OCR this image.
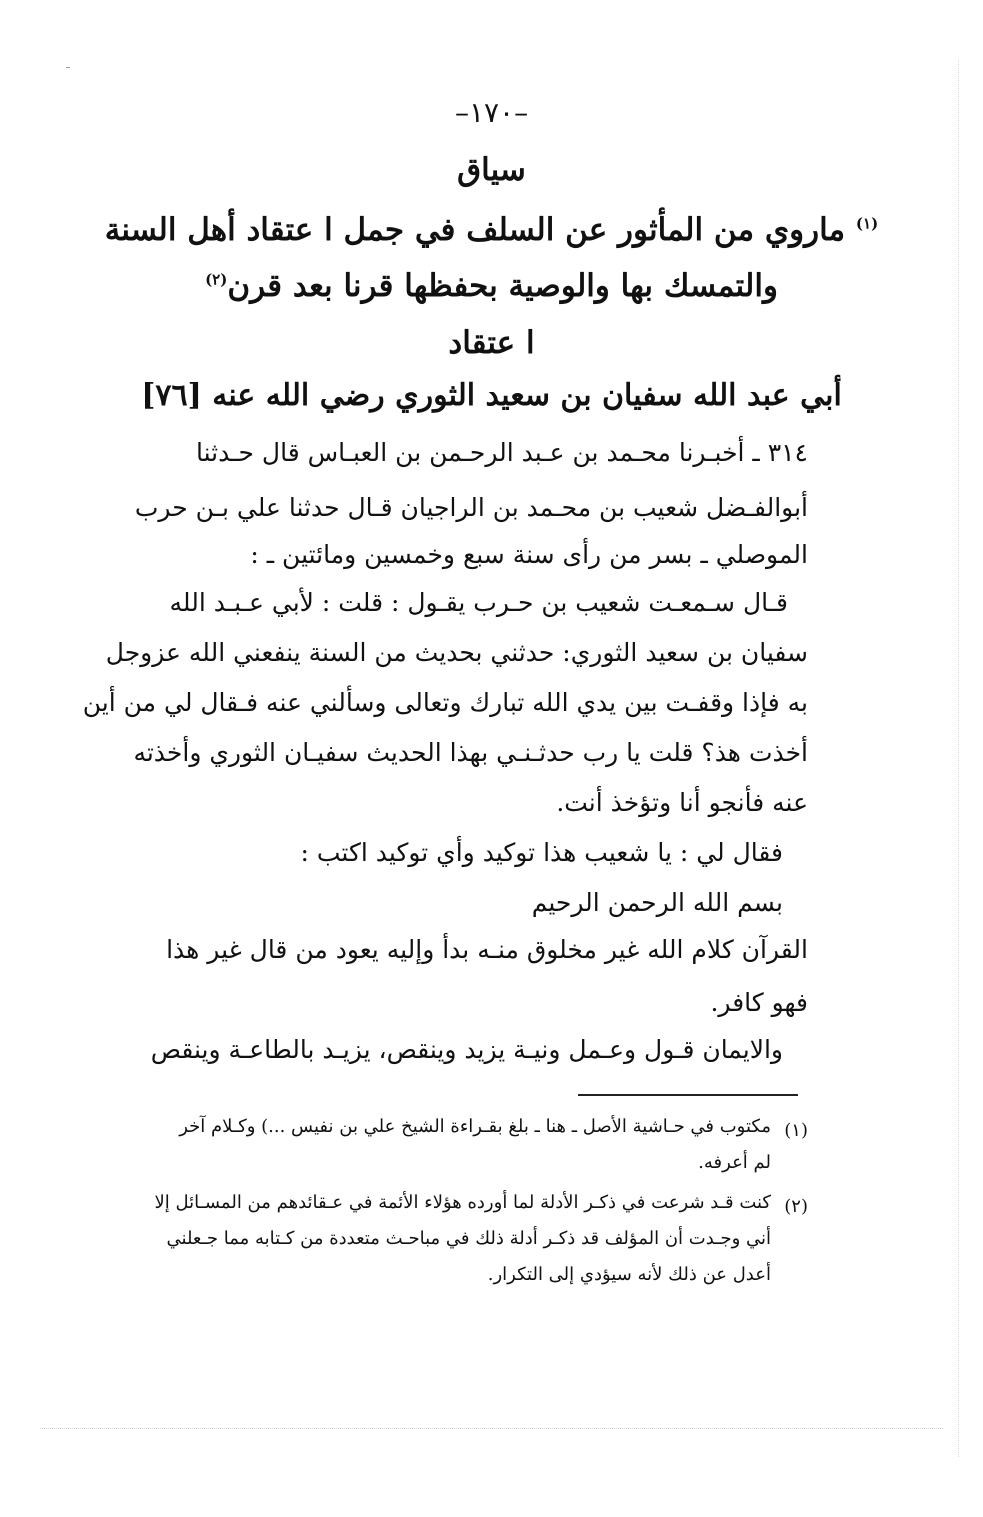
–١٧٠–
سياق
$^{(١)}$ ماروي من المأثور عن السلف في جمل ا عتقاد أهل السنة
والتمسك بها والوصية بحفظها قرنا بعد قرن$^{(٢)}$
ا عتقاد
أبي عبد الله سفيان بن سعيد الثوري رضي الله عنه [٧٦]
٣١٤ ـ أخبـرنا محـمد بن عـبد الرحـمن بن العبـاس قال حـدثنا
أبوالفـضل شعيب بن محـمد بن الراجيان قـال حدثنا علي بـن حرب
الموصلي ـ بسر من رأى سنة سبع وخمسين ومائتين ـ :
قـال سـمعـت شعيب بن حـرب يقـول : قلت : لأبي عـبـد الله
سفيان بن سعيد الثوري: حدثني بحديث من السنة ينفعني الله عزوجل
به فإذا وقفـت بين يدي الله تبارك وتعالى وسألني عنه فـقال لي من أين
أخذت هذ؟ قلت يا رب حدثـنـي بهذا الحديث سفيـان الثوري وأخذته
عنه فأنجو أنا وتؤخذ أنت.
فقال لي : يا شعيب هذا توكيد وأي توكيد اكتب :
بسم الله الرحمن الرحيم
القرآن كلام الله غير مخلوق منـه بدأ وإليه يعود من قال غير هذا
فهو كافر.
والايمان قـول وعـمل ونيـة يزيد وينقص، يزيـد بالطاعـة وينقص
(١)
مكتوب في حـاشية الأصل ـ هنا ـ بلغ بقـراءة الشيخ علي بن نفيس ...) وكـلام آخر
لم أعرفه.
(٢)
كنت قـد شرعت في ذكـر الأدلة لما أورده هؤلاء الأئمة في عـقائدهم من المسـائل إلا
أني وجـدت أن المؤلف قد ذكـر أدلة ذلك في مباحـث متعددة من كـتابه مما جـعلني
أعدل عن ذلك لأنه سيؤدي إلى التكرار.
